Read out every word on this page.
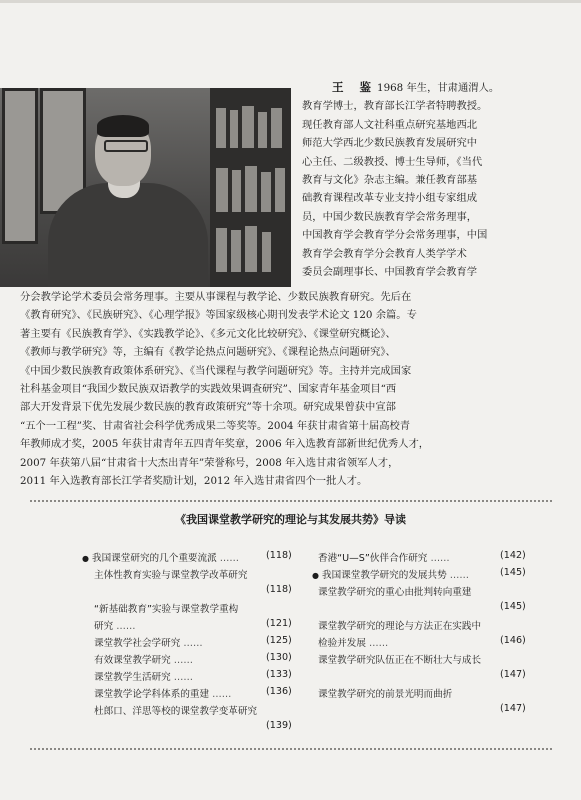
王 鉴1968 年生，甘肃通渭人。
教育学博士，教育部长江学者特聘教授。
现任教育部人文社科重点研究基地西北
师范大学西北少数民族教育发展研究中
心主任、二级教授、博士生导师，《当代
教育与文化》杂志主编。兼任教育部基
础教育课程改革专业支持小组专家组成
员，中国少数民族教育学会常务理事，
中国教育学会教育学分会常务理事，中国
教育学会教育学分会教育人类学学术
委员会副理事长、中国教育学会教育学
分会教学论学术委员会常务理事。主要从事课程与教学论、少数民族教育研究。先后在
《教育研究》、《民族研究》、《心理学报》等国家级核心期刊发表学术论文 120 余篇。专
著主要有《民族教育学》、《实践教学论》、《多元文化比较研究》、《课堂研究概论》、
《教师与教学研究》等，主编有《教学论热点问题研究》、《课程论热点问题研究》、
《中国少数民族教育政策体系研究》、《当代课程与教学问题研究》等。主持并完成国家
社科基金项目“我国少数民族双语教学的实践效果调查研究”、国家青年基金项目“西
部大开发背景下优先发展少数民族的教育政策研究”等十余项。研究成果曾获中宣部
“五个一工程”奖、甘肃省社会科学优秀成果二等奖等。2004 年获甘肃省第十届高校青
年教师成才奖，2005 年获甘肃青年五四青年奖章，2006 年入选教育部新世纪优秀人才，
2007 年获第八届“甘肃省十大杰出青年”荣誉称号，2008 年入选甘肃省领军人才，
2011 年入选教育部长江学者奖励计划，2012 年入选甘肃省四个一批人才。
《我国课堂教学研究的理论与其发展共势》导读
● 我国课堂研究的几个重要流派 ……	(118)
主体性教育实验与课堂教学改革研究
(118)
“新基础教育”实验与课堂教学重构
研究 ……	(121)
课堂教学社会学研究 ……	(125)
有效课堂教学研究 ……	(130)
课堂教学生活研究 ……	(133)
课堂教学论学科体系的重建 ……	(136)
杜郎口、洋思等校的课堂教学变革研究
(139)
香港“U—S”伙伴合作研究 ……	(142)
● 我国课堂教学研究的发展共势 ……	(145)
课堂教学研究的重心由批判转向重建
(145)
课堂教学研究的理论与方法正在实践中
检验并发展 ……	(146)
课堂教学研究队伍正在不断壮大与成长
(147)
课堂教学研究的前景光明而曲折
(147)
